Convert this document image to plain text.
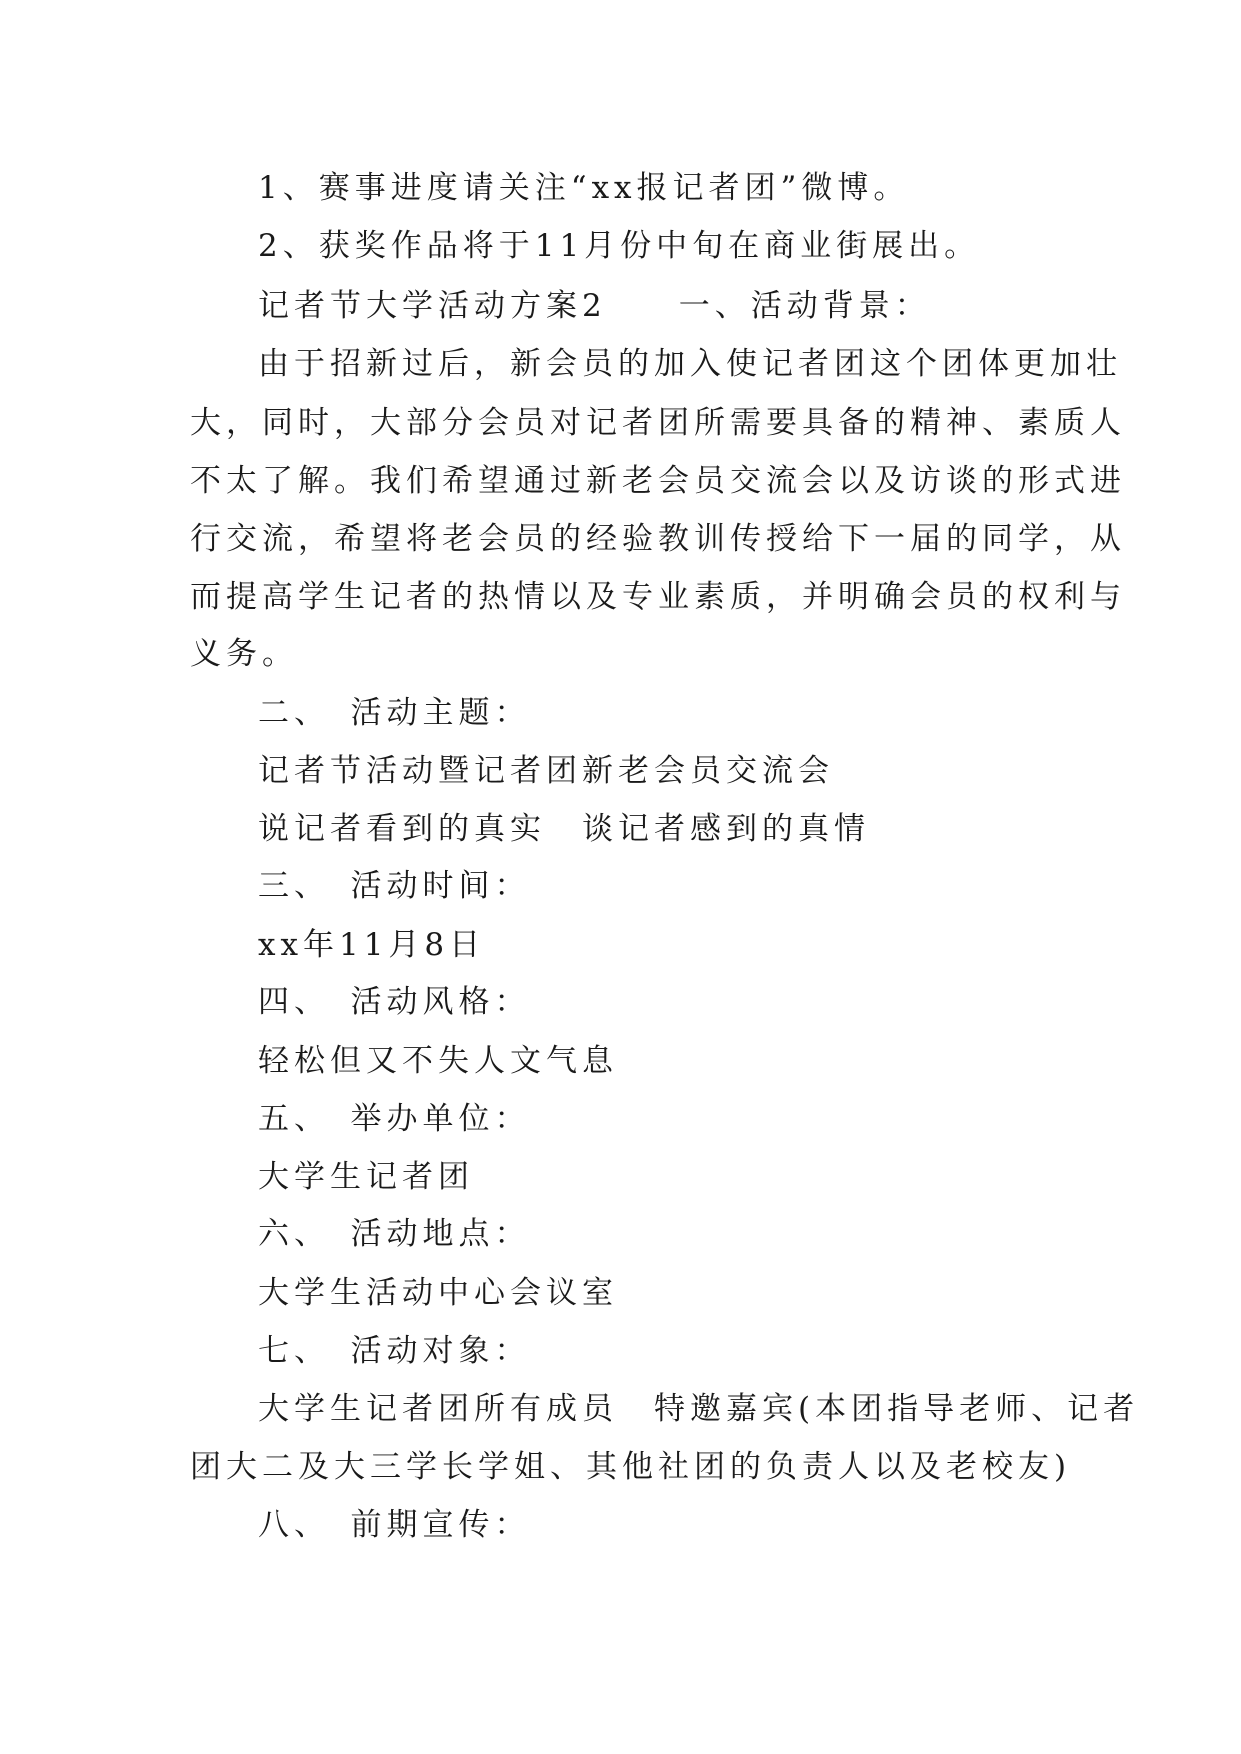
1、赛事进度请关注“xx报记者团”微博。
2、获奖作品将于11月份中旬在商业街展出。
记者节大学活动方案2　　一、活动背景：
由于招新过后，新会员的加入使记者团这个团体更加壮
大，同时，大部分会员对记者团所需要具备的精神、素质人
不太了解。我们希望通过新老会员交流会以及访谈的形式进
行交流，希望将老会员的经验教训传授给下一届的同学，从
而提高学生记者的热情以及专业素质，并明确会员的权利与
义务。
二、　活动主题：
记者节活动暨记者团新老会员交流会
说记者看到的真实　谈记者感到的真情
三、　活动时间：
xx年11月8日
四、　活动风格：
轻松但又不失人文气息
五、　举办单位：
大学生记者团
六、　活动地点：
大学生活动中心会议室
七、　活动对象：
大学生记者团所有成员　特邀嘉宾(本团指导老师、记者
团大二及大三学长学姐、其他社团的负责人以及老校友)
八、　前期宣传：
